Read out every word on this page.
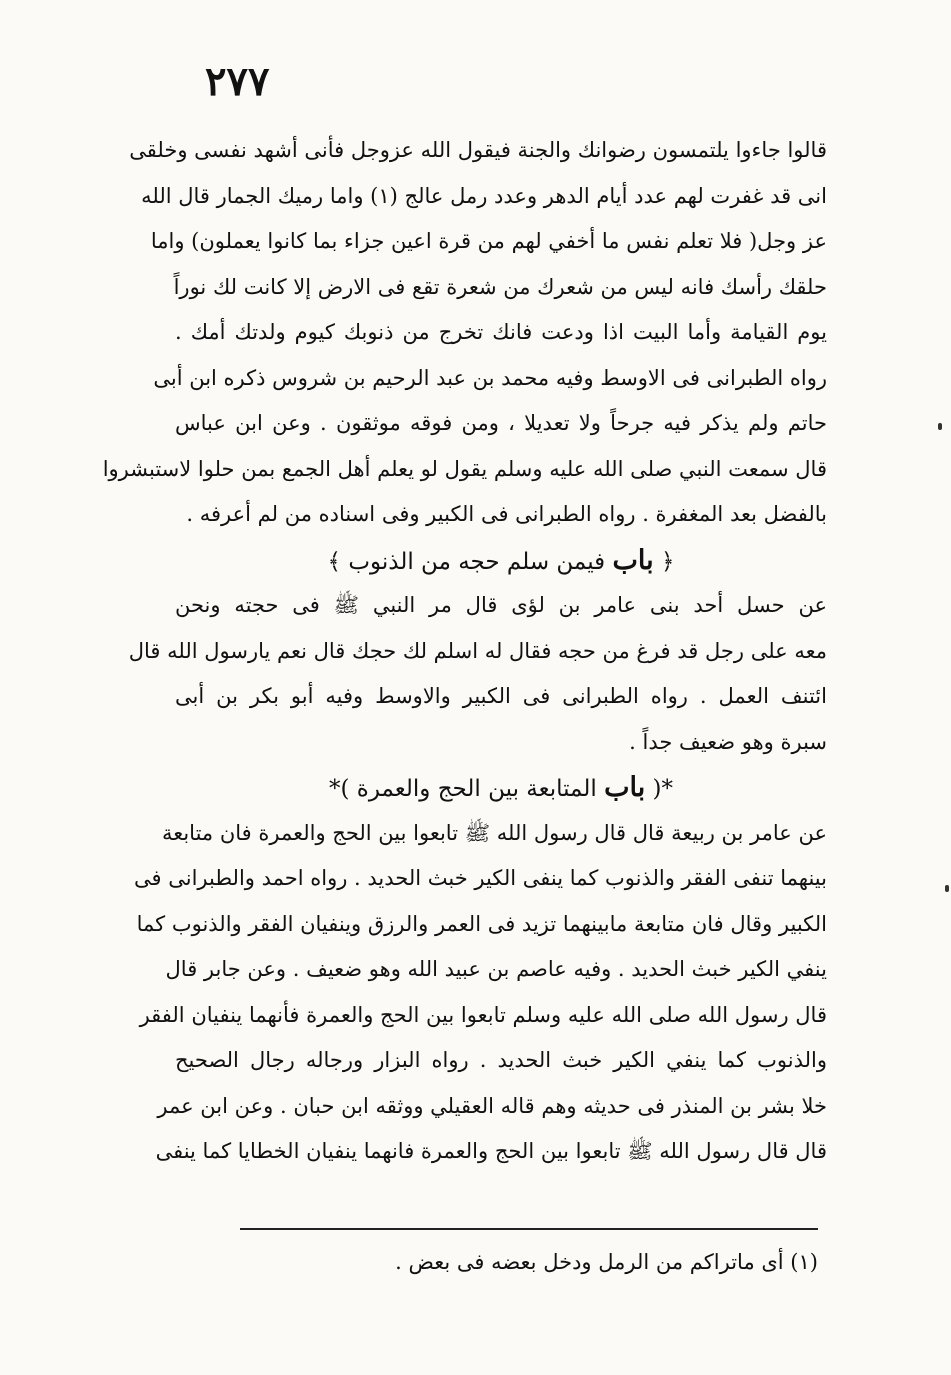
٢٧٧
قالوا جاءوا يلتمسون رضوانك والجنة فيقول الله عزوجل فأنى أشهد نفسى وخلقى
انى قد غفرت لهم عدد أيام الدهر وعدد رمل عالج (١) واما رميك الجمار قال الله
عز وجل( فلا تعلم نفس ما أخفي لهم من قرة اعين جزاء بما كانوا يعملون) واما
حلقك رأسك فانه ليس من شعرك من شعرة تقع فى الارض إلا كانت لك نوراً
يوم القيامة وأما البيت اذا ودعت فانك تخرج من ذنوبك كيوم ولدتك أمك .
رواه الطبرانى فى الاوسط وفيه محمد بن عبد الرحيم بن شروس ذكره ابن أبى
حاتم ولم يذكر فيه جرحاً ولا تعديلا ، ومن فوقه موثقون . وعن ابن عباس
قال سمعت النبي صلى الله عليه وسلم يقول لو يعلم أهل الجمع بمن حلوا لاستبشروا
بالفضل بعد المغفرة . رواه الطبرانى فى الكبير وفى اسناده من لم أعرفه .
﴿ باب فيمن سلم حجه من الذنوب ﴾
عن حسل أحد بنى عامر بن لؤى قال مر النبي ﷺ فى حجته ونحن
معه على رجل قد فرغ من حجه فقال له اسلم لك حجك قال نعم يارسول الله قال
ائتنف العمل . رواه الطبرانى فى الكبير والاوسط وفيه أبو بكر بن أبى
سبرة وهو ضعيف جداً .
*( باب المتابعة بين الحج والعمرة )*
عن عامر بن ربيعة قال قال رسول الله ﷺ تابعوا بين الحج والعمرة فان متابعة
بينهما تنفى الفقر والذنوب كما ينفى الكير خبث الحديد . رواه احمد والطبرانى فى
الكبير وقال فان متابعة مابينهما تزيد فى العمر والرزق وينفيان الفقر والذنوب كما
ينفي الكير خبث الحديد . وفيه عاصم بن عبيد الله وهو ضعيف . وعن جابر قال
قال رسول الله صلى الله عليه وسلم تابعوا بين الحج والعمرة فأنهما ينفيان الفقر
والذنوب كما ينفي الكير خبث الحديد . رواه البزار ورجاله رجال الصحيح
خلا بشر بن المنذر فى حديثه وهم قاله العقيلي ووثقه ابن حبان . وعن ابن عمر
قال قال رسول الله ﷺ تابعوا بين الحج والعمرة فانهما ينفيان الخطايا كما ينفى
(١) أى ماتراكم من الرمل ودخل بعضه فى بعض .
